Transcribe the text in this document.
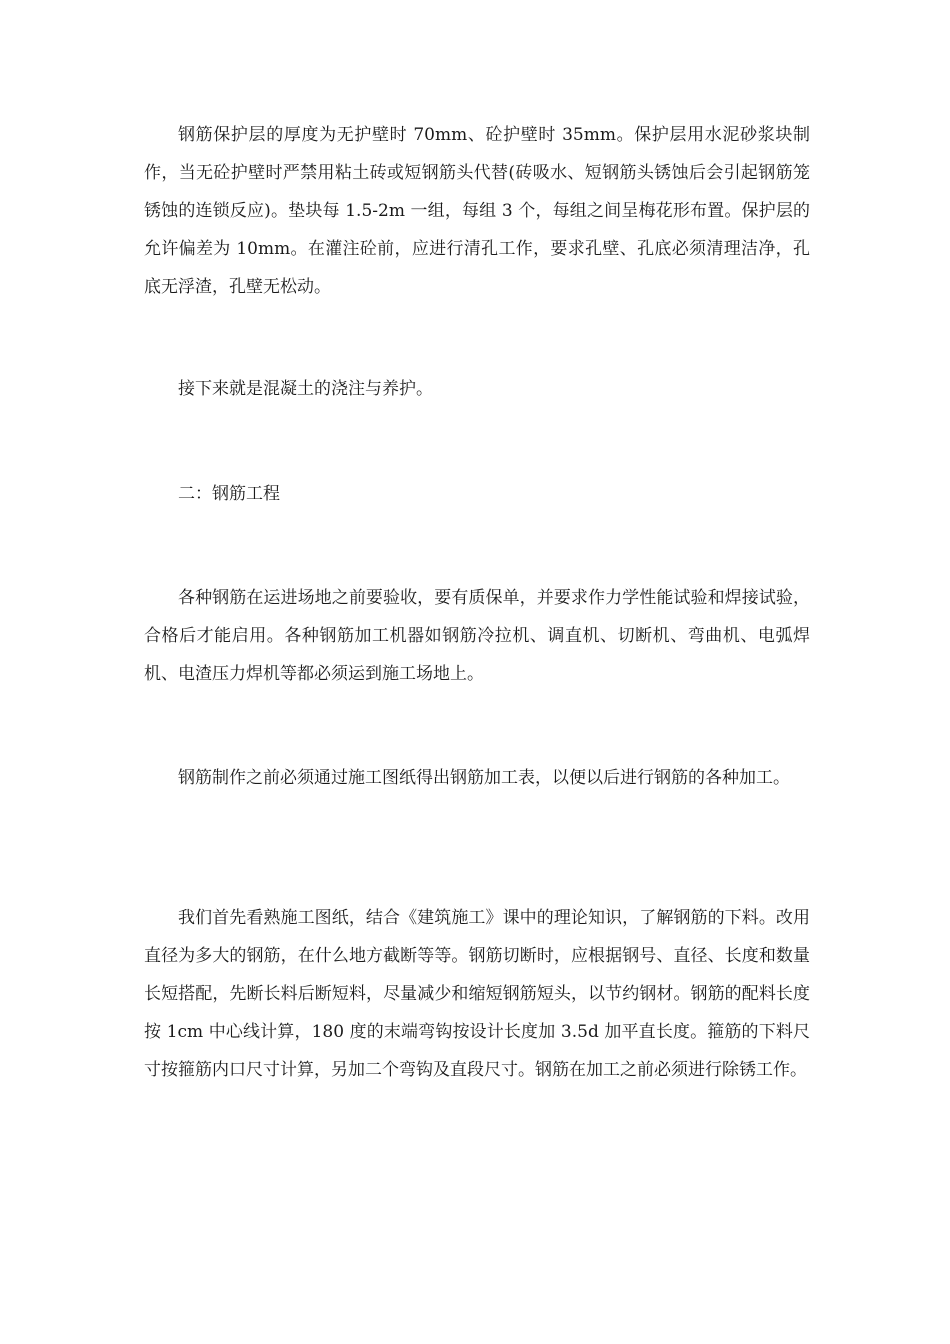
钢筋保护层的厚度为无护壁时 70mm、砼护壁时 35mm。保护层用水泥砂浆块制作，当无砼护壁时严禁用粘土砖或短钢筋头代替(砖吸水、短钢筋头锈蚀后会引起钢筋笼锈蚀的连锁反应)。垫块每 1.5-2m 一组，每组 3 个，每组之间呈梅花形布置。保护层的允许偏差为 10mm。在灌注砼前，应进行清孔工作，要求孔壁、孔底必须清理洁净，孔底无浮渣，孔壁无松动。

接下来就是混凝土的浇注与养护。

二：钢筋工程

各种钢筋在运进场地之前要验收，要有质保单，并要求作力学性能试验和焊接试验，合格后才能启用。各种钢筋加工机器如钢筋冷拉机、调直机、切断机、弯曲机、电弧焊机、电渣压力焊机等都必须运到施工场地上。

钢筋制作之前必须通过施工图纸得出钢筋加工表，以便以后进行钢筋的各种加工。

我们首先看熟施工图纸，结合《建筑施工》课中的理论知识，了解钢筋的下料。改用直径为多大的钢筋，在什么地方截断等等。钢筋切断时，应根据钢号、直径、长度和数量长短搭配，先断长料后断短料，尽量减少和缩短钢筋短头，以节约钢材。钢筋的配料长度按 1cm 中心线计算，180 度的末端弯钩按设计长度加 3.5d 加平直长度。箍筋的下料尺寸按箍筋内口尺寸计算，另加二个弯钩及直段尺寸。钢筋在加工之前必须进行除锈工作。
